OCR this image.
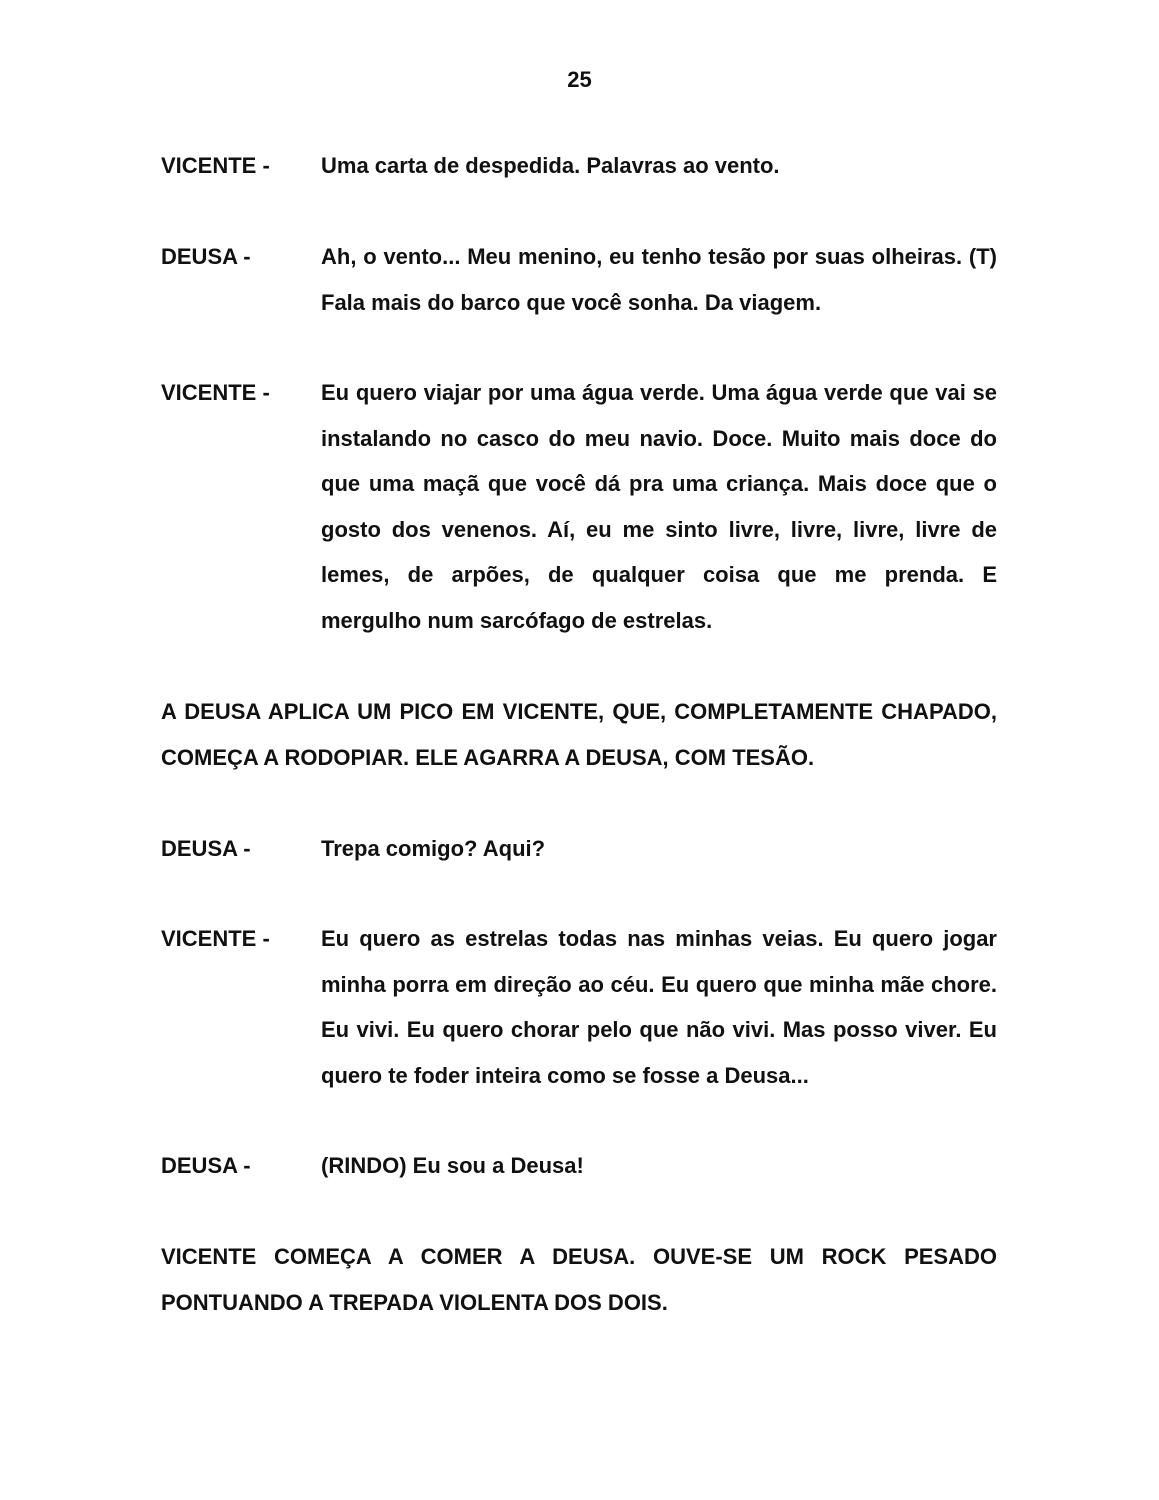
25
VICENTE - Uma carta de despedida. Palavras ao vento.
DEUSA -	Ah, o vento... Meu menino, eu tenho tesão por suas olheiras. (T)
Fala mais do barco que você sonha. Da viagem.
VICENTE - Eu quero viajar por uma água verde. Uma água verde que vai se
instalando no casco do meu navio. Doce. Muito mais doce do
que uma maçã que você dá pra uma criança. Mais doce que o
gosto dos venenos. Aí, eu me sinto livre, livre, livre, livre de
lemes, de arpões, de qualquer coisa que me prenda. E
mergulho num sarcófago de estrelas.
A DEUSA APLICA UM PICO EM VICENTE, QUE, COMPLETAMENTE CHAPADO,
COMEÇA A RODOPIAR. ELE AGARRA A DEUSA, COM TESÃO.
DEUSA -	Trepa comigo? Aqui?
VICENTE - Eu quero as estrelas todas nas minhas veias. Eu quero jogar
minha porra em direção ao céu. Eu quero que minha mãe chore.
Eu vivi. Eu quero chorar pelo que não vivi. Mas posso viver. Eu
quero te foder inteira como se fosse a Deusa...
DEUSA -	(RINDO) Eu sou a Deusa!
VICENTE COMEÇA A COMER A DEUSA. OUVE-SE UM ROCK PESADO
PONTUANDO A TREPADA VIOLENTA DOS DOIS.
